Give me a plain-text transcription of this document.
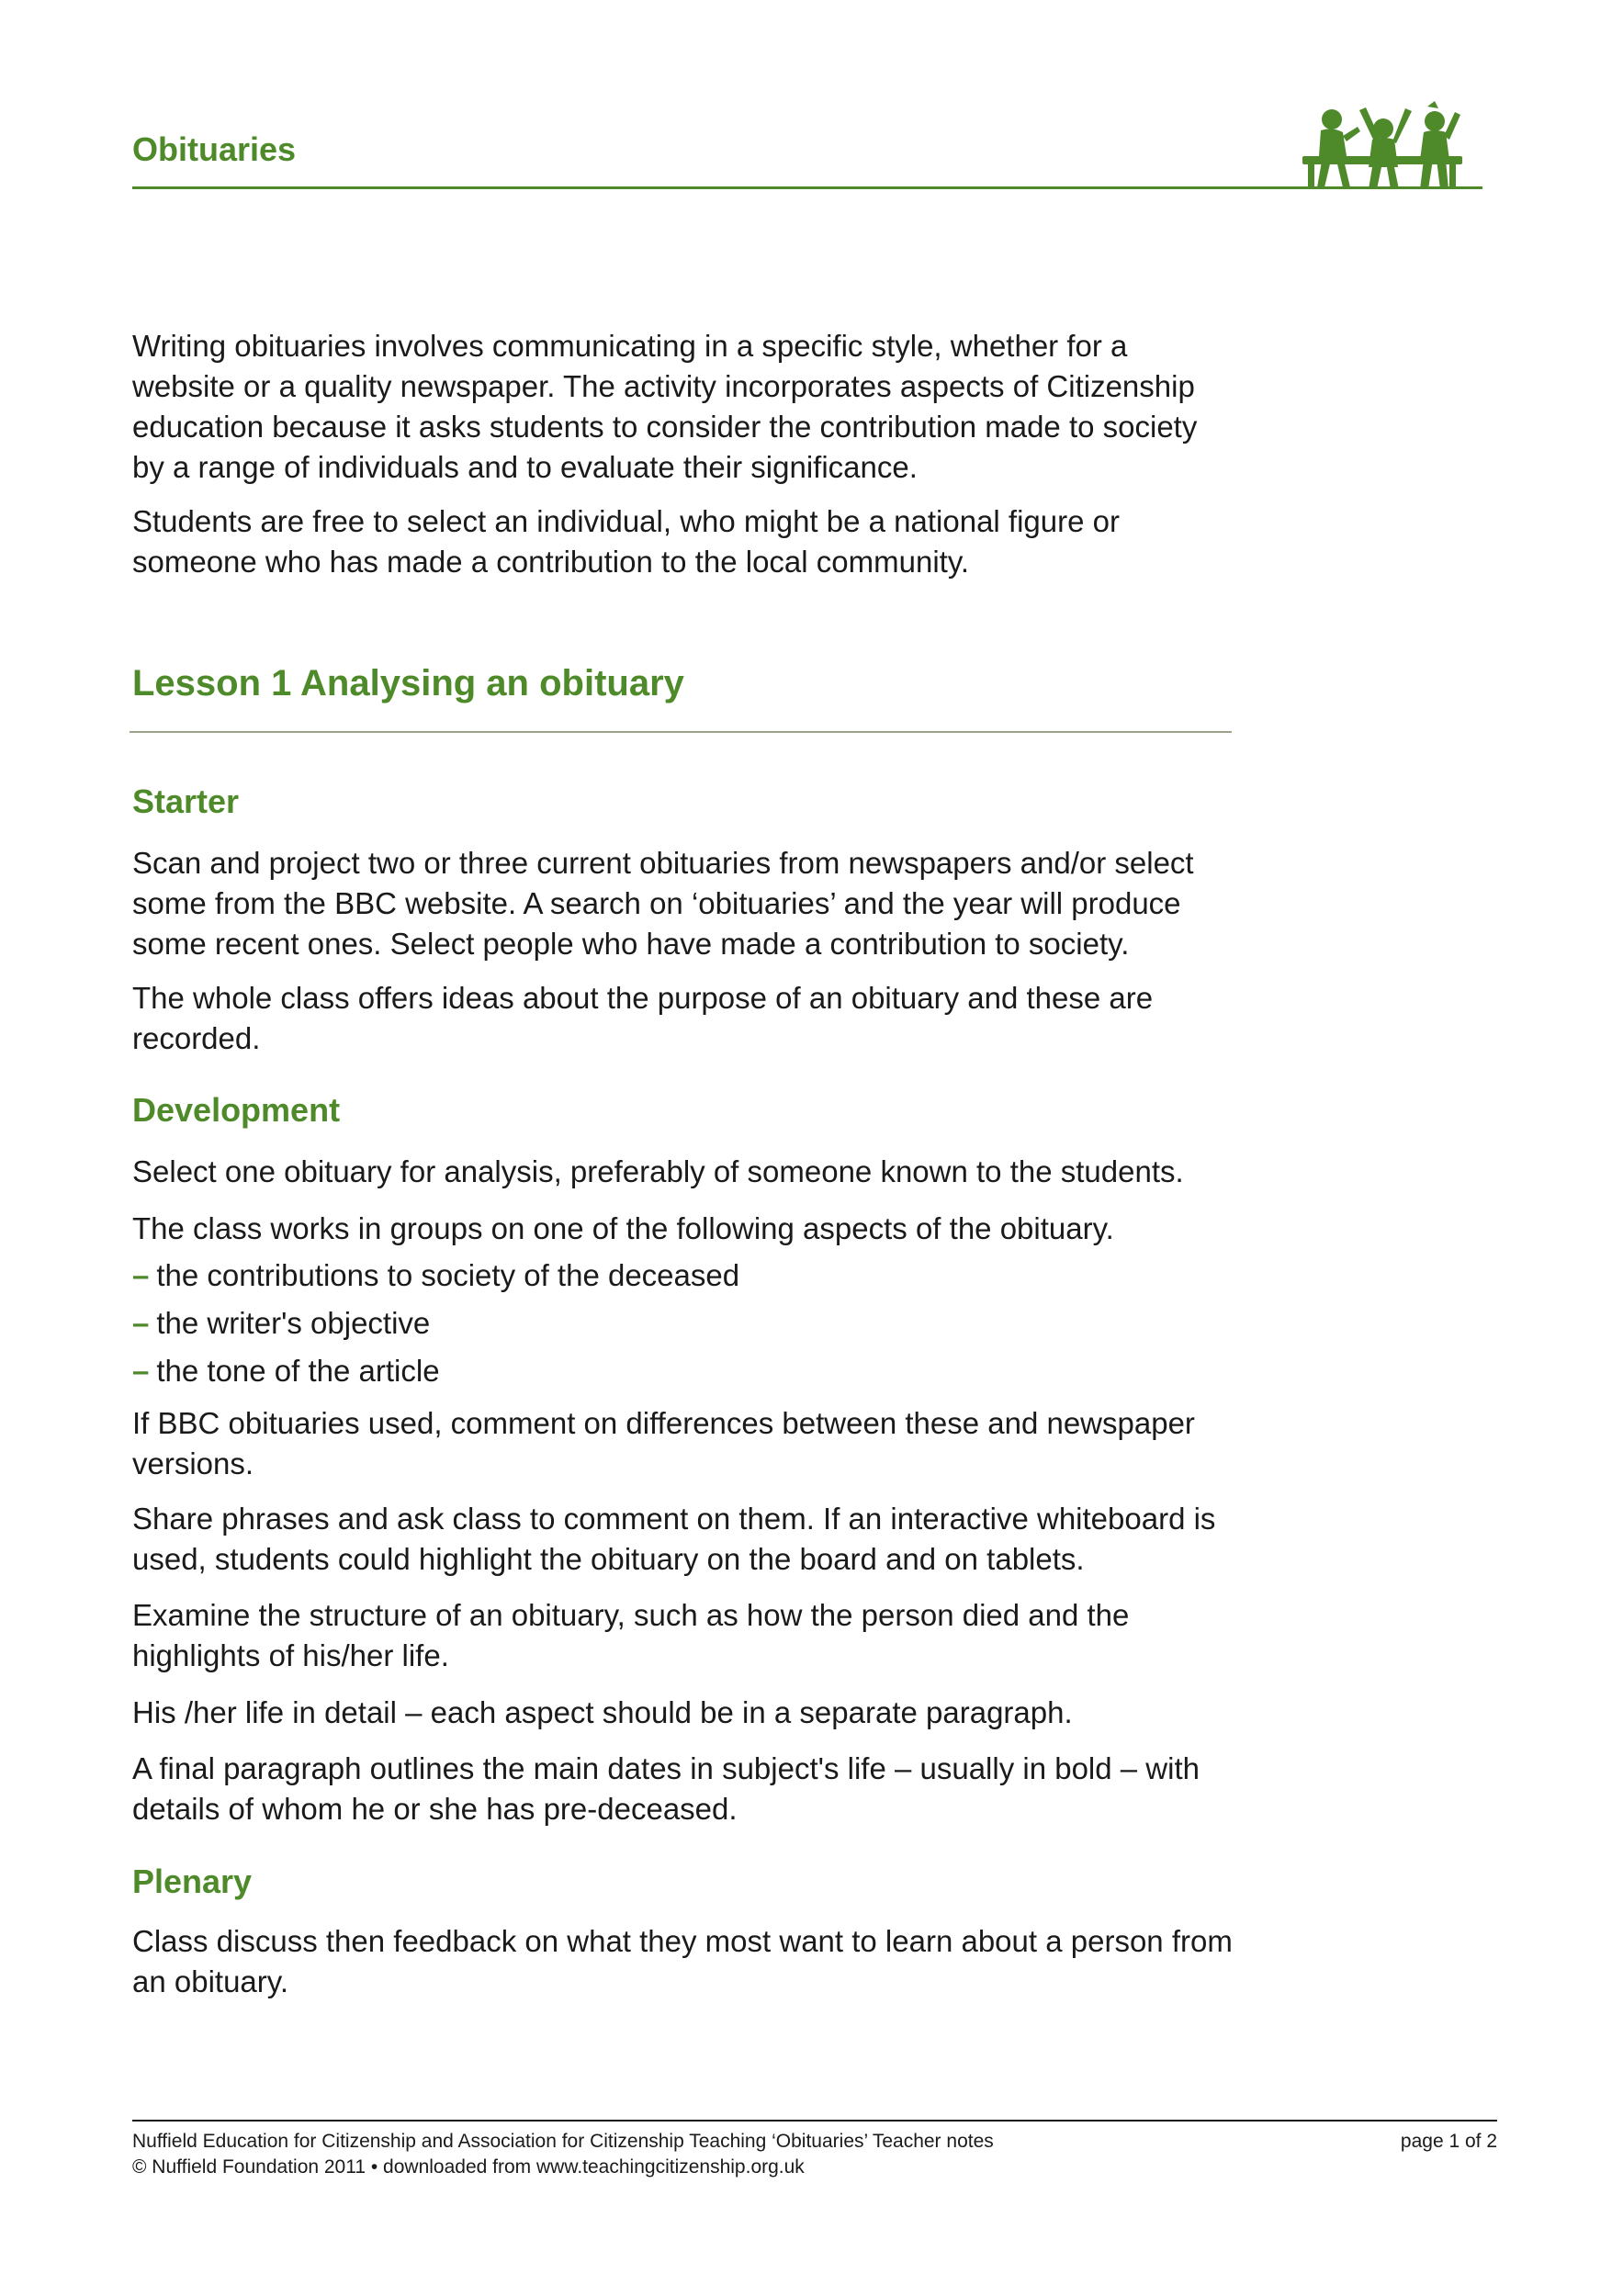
Obituaries

Writing obituaries involves communicating in a specific style, whether for a website or a quality newspaper. The activity incorporates aspects of Citizenship education because it asks students to consider the contribution made to society by a range of individuals and to evaluate their significance.

Students are free to select an individual, who might be a national figure or someone who has made a contribution to the local community.

Lesson 1 Analysing an obituary
Starter

Scan and project two or three current obituaries from newspapers and/or select some from the BBC website. A search on ‘obituaries’ and the year will produce some recent ones. Select people who have made a contribution to society.

The whole class offers ideas about the purpose of an obituary and these are recorded.

Development

Select one obituary for analysis, preferably of someone known to the students.

The class works in groups on one of the following aspects of the obituary.

– the contributions to society of the deceased
– the writer's objective
– the tone of the article

If BBC obituaries used, comment on differences between these and newspaper versions.

Share phrases and ask class to comment on them. If an interactive whiteboard is used, students could highlight the obituary on the board and on tablets.

Examine the structure of an obituary, such as how the person died and the highlights of his/her life.

His /her life in detail – each aspect should be in a separate paragraph.

A final paragraph outlines the main dates in subject's life – usually in bold – with details of whom he or she has pre-deceased.

Plenary

Class discuss then feedback on what they most want to learn about a person from an obituary.

Nuffield Education for Citizenship and Association for Citizenship Teaching ‘Obituaries’ Teacher notes

© Nuffield Foundation 2011 • downloaded from www.teachingcitizenship.org.uk

page 1 of 2
